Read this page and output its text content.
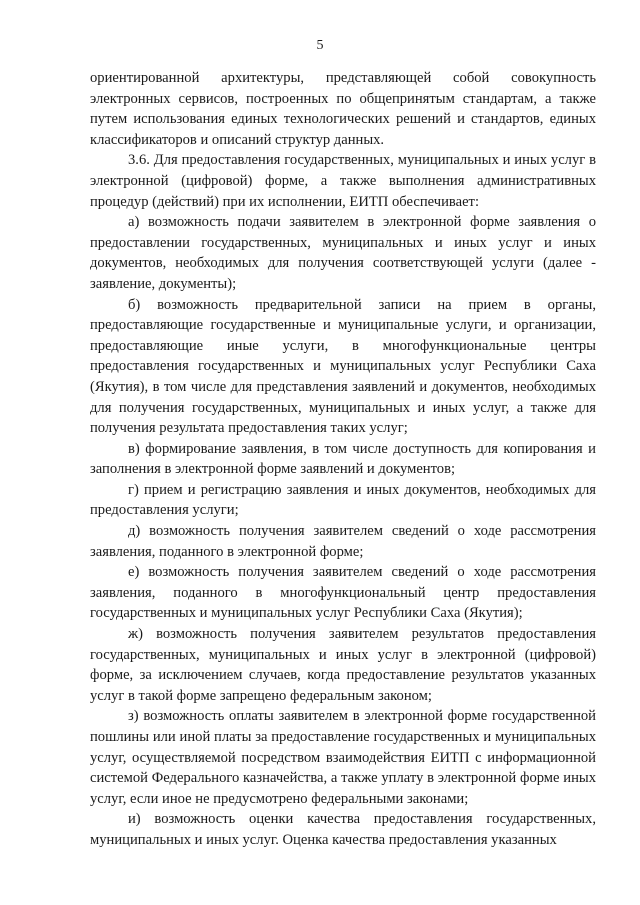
5

ориентированной архитектуры, представляющей собой совокупность электронных сервисов, построенных по общепринятым стандартам, а также путем использования единых технологических решений и стандартов, единых классификаторов и описаний структур данных.

3.6. Для предоставления государственных, муниципальных и иных услуг в электронной (цифровой) форме, а также выполнения административных процедур (действий) при их исполнении, ЕИТП обеспечивает:

а) возможность подачи заявителем в электронной форме заявления о предоставлении государственных, муниципальных и иных услуг и иных документов, необходимых для получения соответствующей услуги (далее - заявление, документы);

б) возможность предварительной записи на прием в органы, предоставляющие государственные и муниципальные услуги, и организации, предоставляющие иные услуги, в многофункциональные центры предоставления государственных и муниципальных услуг Республики Саха (Якутия), в том числе для представления заявлений и документов, необходимых для получения государственных, муниципальных и иных услуг, а также для получения результата предоставления таких услуг;

в) формирование заявления, в том числе доступность для копирования и заполнения в электронной форме заявлений и документов;

г) прием и регистрацию заявления и иных документов, необходимых для предоставления услуги;

д) возможность получения заявителем сведений о ходе рассмотрения заявления, поданного в электронной форме;

е) возможность получения заявителем сведений о ходе рассмотрения заявления, поданного в многофункциональный центр предоставления государственных и муниципальных услуг Республики Саха (Якутия);

ж) возможность получения заявителем результатов предоставления государственных, муниципальных и иных услуг в электронной (цифровой) форме, за исключением случаев, когда предоставление результатов указанных услуг в такой форме запрещено федеральным законом;

з) возможность оплаты заявителем в электронной форме государственной пошлины или иной платы за предоставление государственных и муниципальных услуг, осуществляемой посредством взаимодействия ЕИТП с информационной системой Федерального казначейства, а также уплату в электронной форме иных услуг, если иное не предусмотрено федеральными законами;

и) возможность оценки качества предоставления государственных, муниципальных и иных услуг. Оценка качества предоставления указанных
